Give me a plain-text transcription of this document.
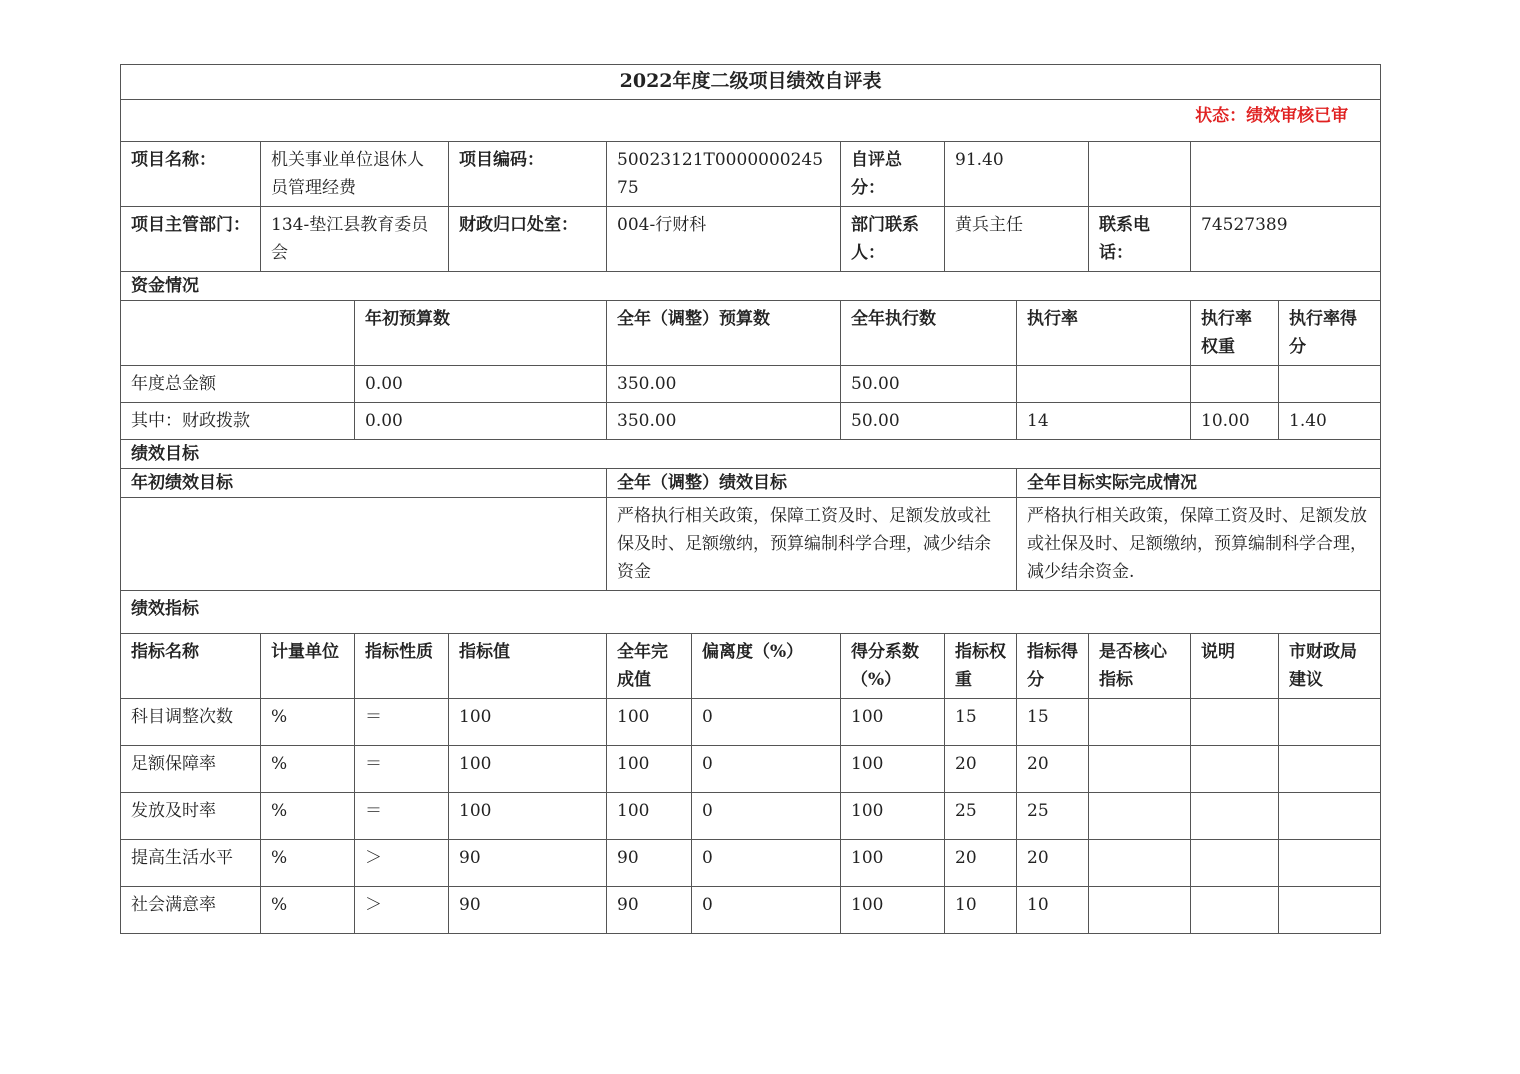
2022年度二级项目绩效自评表											
状态：绩效审核已审											
项目名称：	机关事业单位退休人员管理经费		项目编码：	50023121T000000024575		自评总分：	91.40				
项目主管部门：	134-垫江县教育委员会		财政归口处室：	004-行财科		部门联系人：	黄兵主任		联系电话：	74527389	
资金情况											
		年初预算数		全年（调整）预算数		全年执行数		执行率		执行率权重	执行率得分
年度总金额		0.00		350.00		50.00					
其中：财政拨款		0.00		350.00		50.00		14		10.00	1.40
绩效目标											
年初绩效目标				全年（调整）绩效目标				全年目标实际完成情况			
				严格执行相关政策，保障工资及时、足额发放或社保及时、足额缴纳，预算编制科学合理，减少结余资金				严格执行相关政策，保障工资及时、足额发放或社保及时、足额缴纳，预算编制科学合理，减少结余资金.			
绩效指标											
指标名称	计量单位	指标性质	指标值	全年完成值	偏离度（%）	得分系数（%）	指标权重	指标得分	是否核心指标	说明	市财政局建议
科目调整次数	%	＝	100	100	0	100	15	15			
足额保障率	%	＝	100	100	0	100	20	20			
发放及时率	%	＝	100	100	0	100	25	25			
提高生活水平	%	＞	90	90	0	100	20	20			
社会满意率	%	＞	90	90	0	100	10	10			
